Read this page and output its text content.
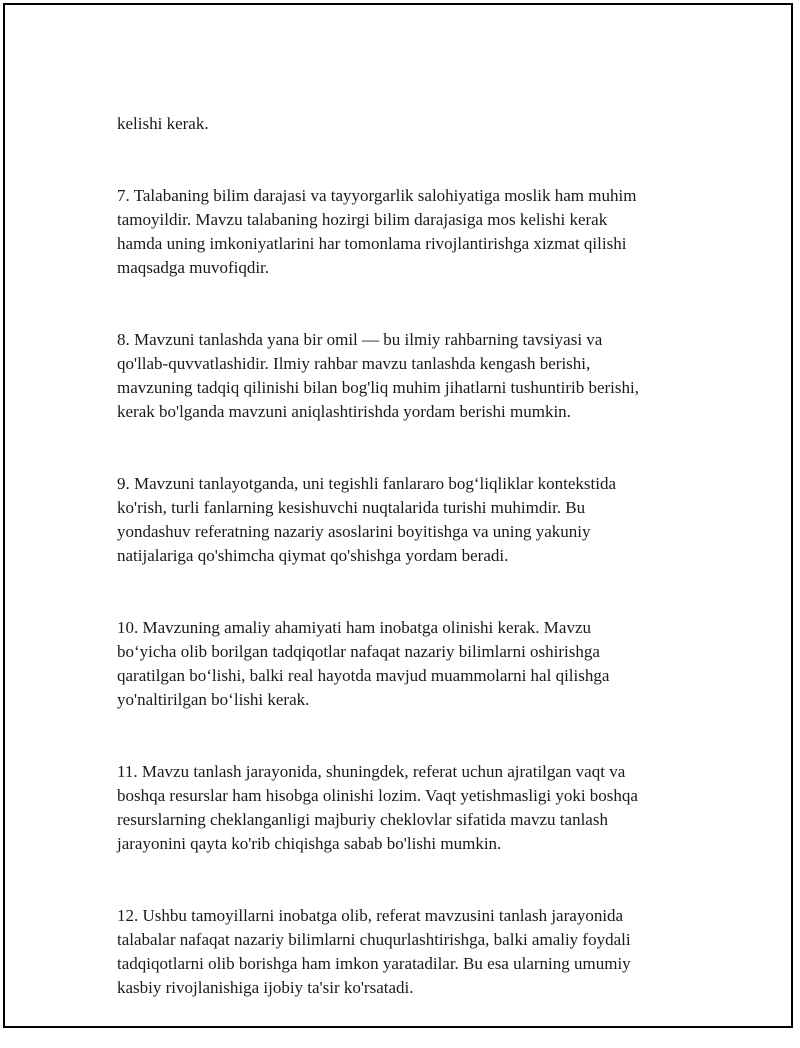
kelishi kerak.

7. Talabaning bilim darajasi va tayyorgarlik salohiyatiga moslik ham muhim
tamoyildir. Mavzu talabaning hozirgi bilim darajasiga mos kelishi kerak
hamda uning imkoniyatlarini har tomonlama rivojlantirishga xizmat qilishi
maqsadga muvofiqdir.

8. Mavzuni tanlashda yana bir omil — bu ilmiy rahbarning tavsiyasi va
qo'llab-quvvatlashidir. Ilmiy rahbar mavzu tanlashda kengash berishi,
mavzuning tadqiq qilinishi bilan bog'liq muhim jihatlarni tushuntirib berishi,
kerak bo'lganda mavzuni aniqlashtirishda yordam berishi mumkin.

9. Mavzuni tanlayotganda, uni tegishli fanlararo bog‘liqliklar kontekstida
ko'rish, turli fanlarning kesishuvchi nuqtalarida turishi muhimdir. Bu
yondashuv referatning nazariy asoslarini boyitishga va uning yakuniy
natijalariga qo'shimcha qiymat qo'shishga yordam beradi.

10. Mavzuning amaliy ahamiyati ham inobatga olinishi kerak. Mavzu
bo‘yicha olib borilgan tadqiqotlar nafaqat nazariy bilimlarni oshirishga
qaratilgan bo‘lishi, balki real hayotda mavjud muammolarni hal qilishga
yo'naltirilgan bo‘lishi kerak.

11. Mavzu tanlash jarayonida, shuningdek, referat uchun ajratilgan vaqt va
boshqa resurslar ham hisobga olinishi lozim. Vaqt yetishmasligi yoki boshqa
resurslarning cheklanganligi majburiy cheklovlar sifatida mavzu tanlash
jarayonini qayta ko'rib chiqishga sabab bo'lishi mumkin.

12. Ushbu tamoyillarni inobatga olib, referat mavzusini tanlash jarayonida
talabalar nafaqat nazariy bilimlarni chuqurlashtirishga, balki amaliy foydali
tadqiqotlarni olib borishga ham imkon yaratadilar. Bu esa ularning umumiy
kasbiy rivojlanishiga ijobiy ta'sir ko'rsatadi.
